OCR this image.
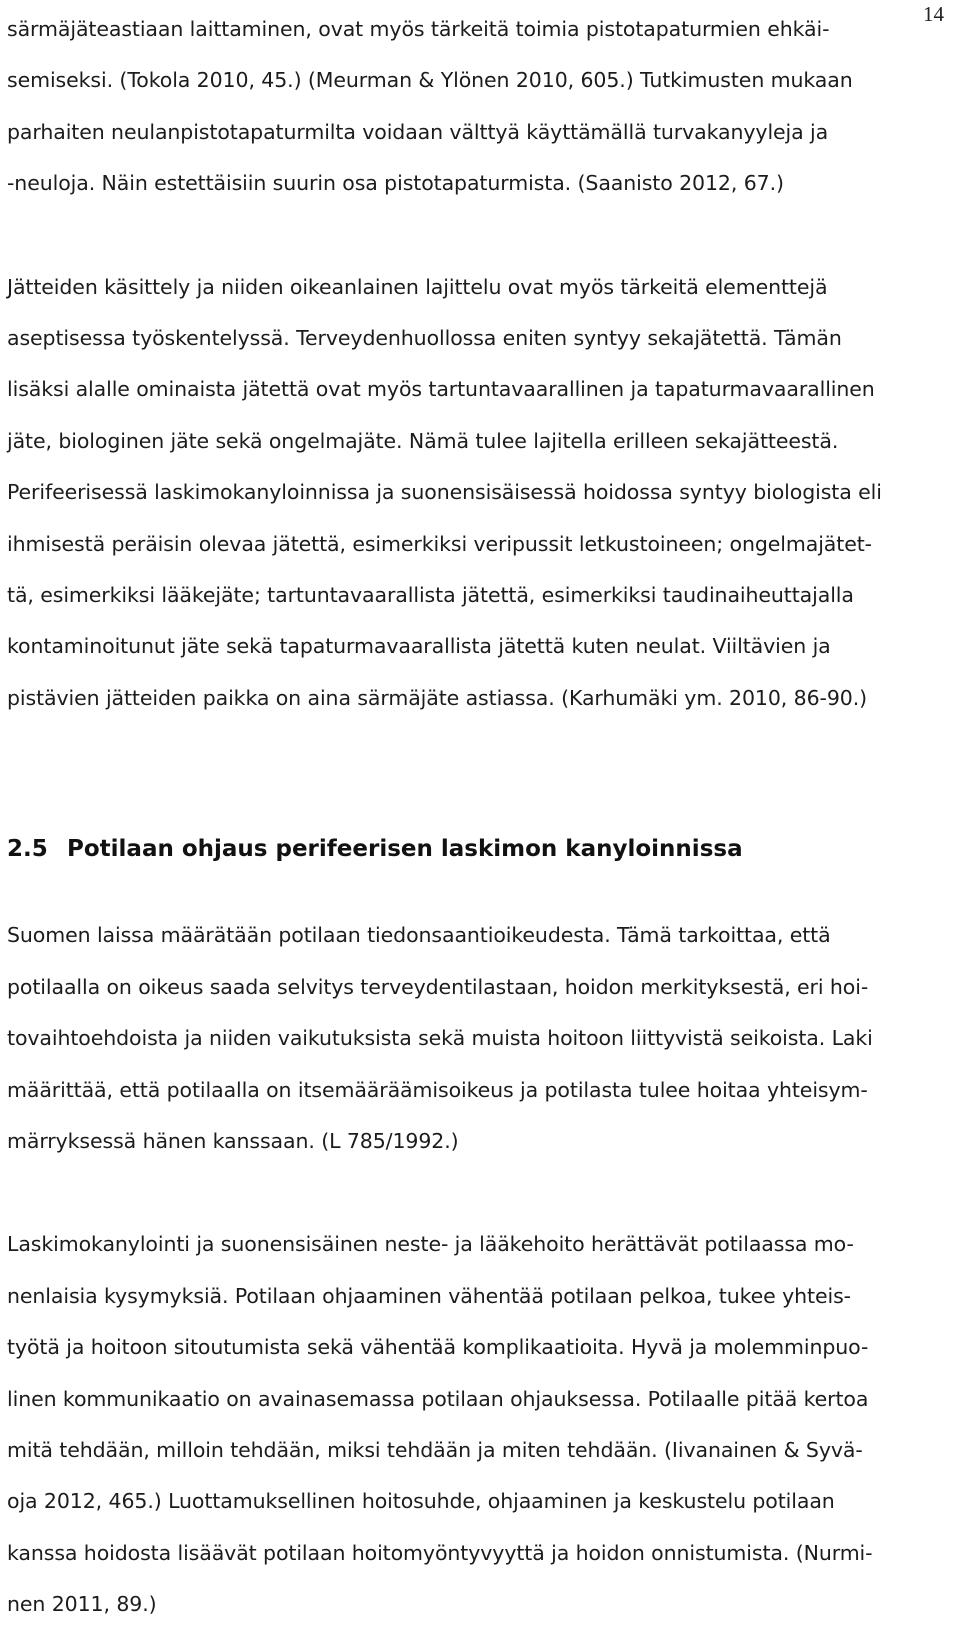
14
särmäjäteastiaan laittaminen, ovat myös tärkeitä toimia pistotapaturmien ehkäi-
semiseksi. (Tokola 2010, 45.) (Meurman & Ylönen 2010, 605.) Tutkimusten mukaan
parhaiten neulanpistotapaturmilta voidaan välttyä käyttämällä turvakanyyleja ja
-neuloja. Näin estettäisiin suurin osa pistotapaturmista. (Saanisto 2012, 67.)
Jätteiden käsittely ja niiden oikeanlainen lajittelu ovat myös tärkeitä elementtejä
aseptisessa työskentelyssä. Terveydenhuollossa eniten syntyy sekajätettä. Tämän
lisäksi alalle ominaista jätettä ovat myös tartuntavaarallinen ja tapaturmavaarallinen
jäte, biologinen jäte sekä ongelmajäte. Nämä tulee lajitella erilleen sekajätteestä.
Perifeerisessä laskimokanyloinnissa ja suonensisäisessä hoidossa syntyy biologista eli
ihmisestä peräisin olevaa jätettä, esimerkiksi veripussit letkustoineen; ongelmajätet-
tä, esimerkiksi lääkejäte; tartuntavaarallista jätettä, esimerkiksi taudinaiheuttajalla
kontaminoitunut jäte sekä tapaturmavaarallista jätettä kuten neulat. Viiltävien ja
pistävien jätteiden paikka on aina särmäjäte astiassa. (Karhumäki ym. 2010, 86-90.)
2.5 Potilaan ohjaus perifeerisen laskimon kanyloinnissa
Suomen laissa määrätään potilaan tiedonsaantioikeudesta. Tämä tarkoittaa, että
potilaalla on oikeus saada selvitys terveydentilastaan, hoidon merkityksestä, eri hoi-
tovaihtoehdoista ja niiden vaikutuksista sekä muista hoitoon liittyvistä seikoista. Laki
määrittää, että potilaalla on itsemääräämisoikeus ja potilasta tulee hoitaa yhteisym-
märryksessä hänen kanssaan. (L 785/1992.)
Laskimokanylointi ja suonensisäinen neste- ja lääkehoito herättävät potilaassa mo-
nenlaisia kysymyksiä. Potilaan ohjaaminen vähentää potilaan pelkoa, tukee yhteis-
työtä ja hoitoon sitoutumista sekä vähentää komplikaatioita. Hyvä ja molemminpuo-
linen kommunikaatio on avainasemassa potilaan ohjauksessa. Potilaalle pitää kertoa
mitä tehdään, milloin tehdään, miksi tehdään ja miten tehdään. (Iivanainen & Syvä-
oja 2012, 465.) Luottamuksellinen hoitosuhde, ohjaaminen ja keskustelu potilaan
kanssa hoidosta lisäävät potilaan hoitomyöntyvyyttä ja hoidon onnistumista. (Nurmi-
nen 2011, 89.)
